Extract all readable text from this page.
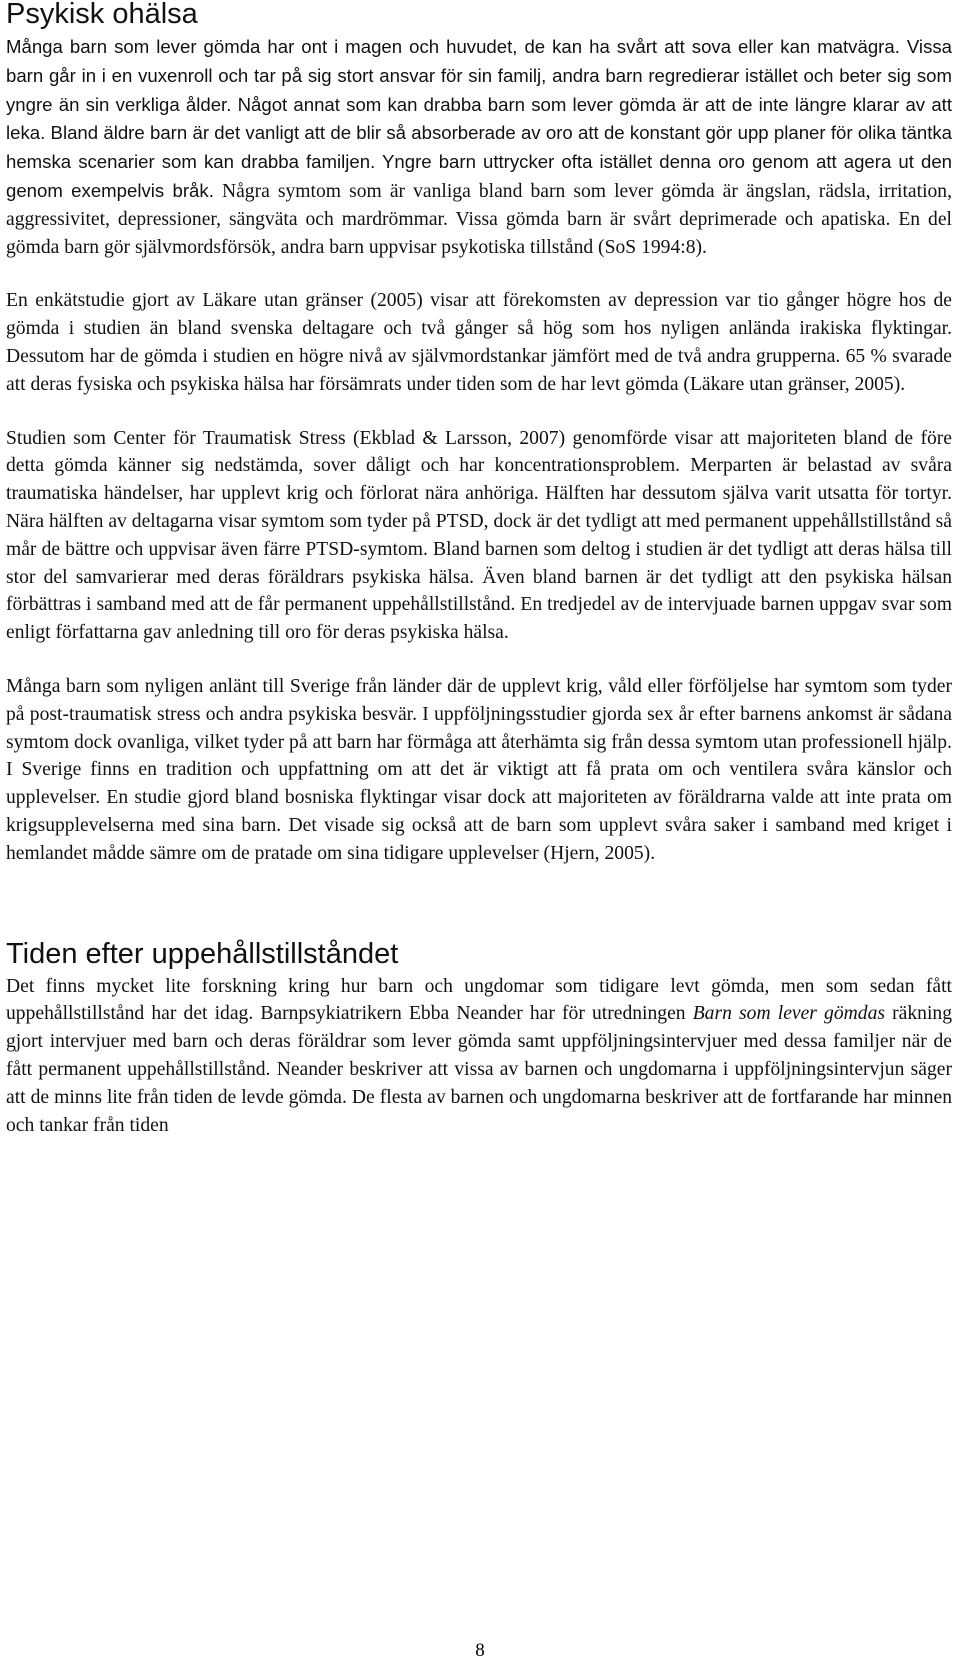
Psykisk ohälsa

Många barn som lever gömda har ont i magen och huvudet, de kan ha svårt att sova eller kan matvägra. Vissa barn går in i en vuxenroll och tar på sig stort ansvar för sin familj, andra barn regredierar istället och beter sig som yngre än sin verkliga ålder. Något annat som kan drabba barn som lever gömda är att de inte längre klarar av att leka. Bland äldre barn är det vanligt att de blir så absorberade av oro att de konstant gör upp planer för olika täntka hemska scenarier som kan drabba familjen. Yngre barn uttrycker ofta istället denna oro genom att agera ut den genom exempelvis bråk. Några symtom som är vanliga bland barn som lever gömda är ängslan, rädsla, irritation, aggressivitet, depressioner, sängväta och mardrömmar. Vissa gömda barn är svårt deprimerade och apatiska. En del gömda barn gör självmordsförsök, andra barn uppvisar psykotiska tillstånd (SoS 1994:8).

En enkätstudie gjort av Läkare utan gränser (2005) visar att förekomsten av depression var tio gånger högre hos de gömda i studien än bland svenska deltagare och två gånger så hög som hos nyligen anlända irakiska flyktingar. Dessutom har de gömda i studien en högre nivå av självmordstankar jämfört med de två andra grupperna. 65 % svarade att deras fysiska och psykiska hälsa har försämrats under tiden som de har levt gömda (Läkare utan gränser, 2005).

Studien som Center för Traumatisk Stress (Ekblad & Larsson, 2007) genomförde visar att majoriteten bland de före detta gömda känner sig nedstämda, sover dåligt och har koncentrationsproblem. Merparten är belastad av svåra traumatiska händelser, har upplevt krig och förlorat nära anhöriga. Hälften har dessutom själva varit utsatta för tortyr. Nära hälften av deltagarna visar symtom som tyder på PTSD, dock är det tydligt att med permanent uppehållstillstånd så mår de bättre och uppvisar även färre PTSD-symtom. Bland barnen som deltog i studien är det tydligt att deras hälsa till stor del samvarierar med deras föräldrars psykiska hälsa. Även bland barnen är det tydligt att den psykiska hälsan förbättras i samband med att de får permanent uppehållstillstånd. En tredjedel av de intervjuade barnen uppgav svar som enligt författarna gav anledning till oro för deras psykiska hälsa.

Många barn som nyligen anlänt till Sverige från länder där de upplevt krig, våld eller förföljelse har symtom som tyder på post-traumatisk stress och andra psykiska besvär. I uppföljningsstudier gjorda sex år efter barnens ankomst är sådana symtom dock ovanliga, vilket tyder på att barn har förmåga att återhämta sig från dessa symtom utan professionell hjälp. I Sverige finns en tradition och uppfattning om att det är viktigt att få prata om och ventilera svåra känslor och upplevelser. En studie gjord bland bosniska flyktingar visar dock att majoriteten av föräldrarna valde att inte prata om krigsupplevelserna med sina barn. Det visade sig också att de barn som upplevt svåra saker i samband med kriget i hemlandet mådde sämre om de pratade om sina tidigare upplevelser (Hjern, 2005).

Tiden efter uppehållstillståndet

Det finns mycket lite forskning kring hur barn och ungdomar som tidigare levt gömda, men som sedan fått uppehållstillstånd har det idag. Barnpsykiatrikern Ebba Neander har för utredningen Barn som lever gömdas räkning gjort intervjuer med barn och deras föräldrar som lever gömda samt uppföljningsintervjuer med dessa familjer när de fått permanent uppehållstillstånd. Neander beskriver att vissa av barnen och ungdomarna i uppföljningsintervjun säger att de minns lite från tiden de levde gömda. De flesta av barnen och ungdomarna beskriver att de fortfarande har minnen och tankar från tiden

8
